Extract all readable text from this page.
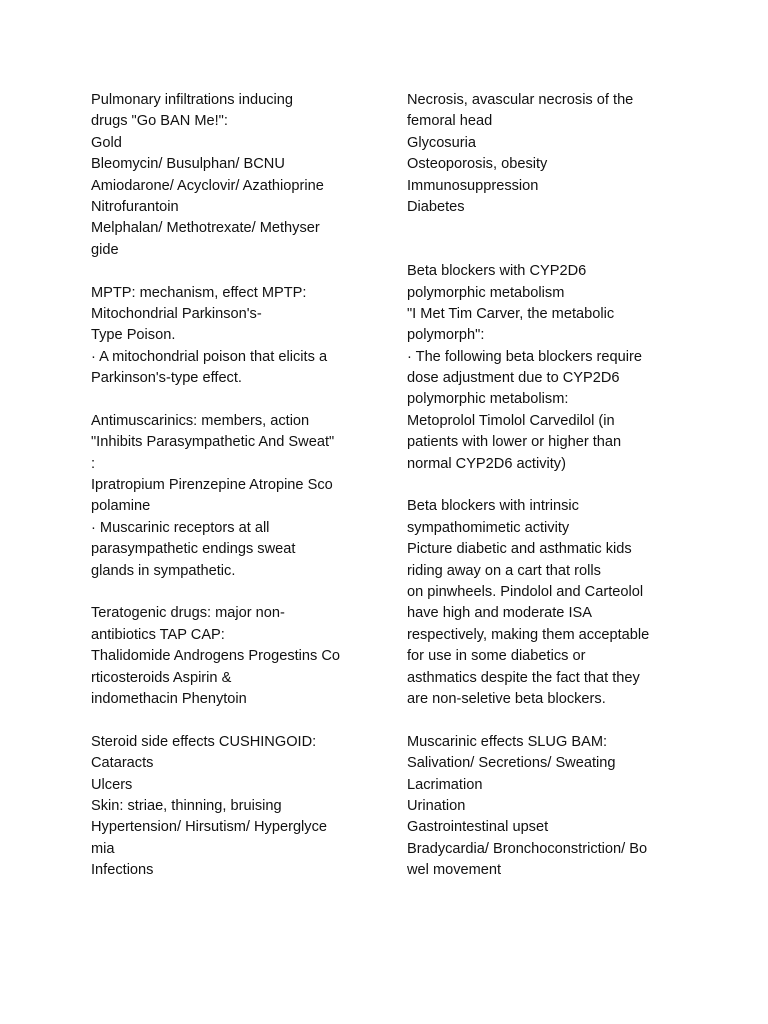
Pulmonary infiltrations inducing
drugs "Go BAN Me!":
Gold
Bleomycin/ Busulphan/ BCNU
Amiodarone/ Acyclovir/ Azathioprine
Nitrofurantoin
Melphalan/ Methotrexate/ Methyser
gide

MPTP: mechanism, effect MPTP:
Mitochondrial Parkinson's-
Type Poison.
· A mitochondrial poison that elicits a
Parkinson's-type effect.

Antimuscarinics: members, action
"Inhibits Parasympathetic And Sweat"
:
Ipratropium Pirenzepine Atropine Sco
polamine
· Muscarinic receptors at all
parasympathetic endings sweat
glands in sympathetic.

Teratogenic drugs: major non-
antibiotics TAP CAP:
Thalidomide Androgens Progestins Co
rticosteroids Aspirin &
indomethacin Phenytoin

Steroid side effects CUSHINGOID:
Cataracts
Ulcers
Skin: striae, thinning, bruising
Hypertension/ Hirsutism/ Hyperglyce
mia
Infections
Necrosis, avascular necrosis of the
femoral head
Glycosuria
Osteoporosis, obesity
Immunosuppression
Diabetes

Beta blockers with CYP2D6
polymorphic metabolism
"I Met Tim Carver, the metabolic
polymorph":
· The following beta blockers require
dose adjustment due to CYP2D6
polymorphic metabolism:
Metoprolol Timolol Carvedilol (in
patients with lower or higher than
normal CYP2D6 activity)

Beta blockers with intrinsic
sympathomimetic activity
Picture diabetic and asthmatic kids
riding away on a cart that rolls
on pinwheels. Pindolol and Carteolol
have high and moderate ISA
respectively, making them acceptable
for use in some diabetics or
asthmatics despite the fact that they
are non-seletive beta blockers.

Muscarinic effects SLUG BAM:
Salivation/ Secretions/ Sweating
Lacrimation
Urination
Gastrointestinal upset
Bradycardia/ Bronchoconstriction/ Bo
wel movement
